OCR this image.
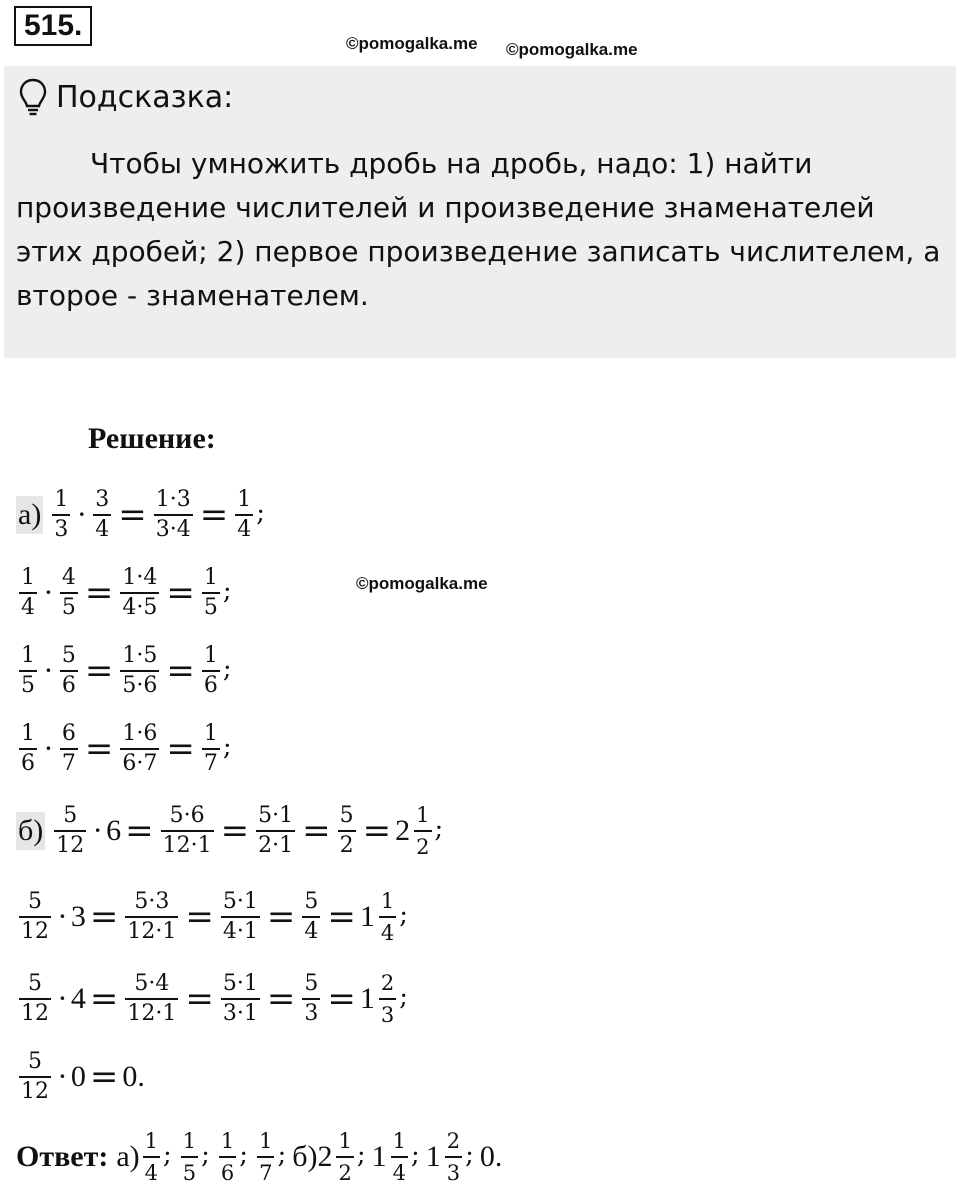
515.
©pomogalka.me ©pomogalka.me
©pomogalka.me
Подсказка:
Чтобы умножить дробь на дробь, надо: 1) найти произведение числителей и произведение знаменателей этих дробей; 2) первое произведение записать числителем, а второе - знаменателем.
Решение:
$а) \frac{1}{3} \cdot \frac{3}{4} = \frac{1\cdot 3}{3\cdot 4} = \frac{1}{4}$ ;
$\frac{1}{4} \cdot \frac{4}{5} = \frac{1\cdot 4}{4\cdot 5} = \frac{1}{5}$ ;
$\frac{1}{5} \cdot \frac{5}{6} = \frac{1\cdot 5}{5\cdot 6} = \frac{1}{6}$ ;
$\frac{1}{6} \cdot \frac{6}{7} = \frac{1\cdot 6}{6\cdot 7} = \frac{1}{7}$ ;
$б) \frac{5}{12} \cdot 6 = \frac{5\cdot 6}{12\cdot 1} = \frac{5\cdot 1}{2\cdot 1} = \frac{5}{2} = 2 \frac{1}{2}$ ;
$\frac{5}{12} \cdot 3 = \frac{5\cdot 3}{12\cdot 1} = \frac{5\cdot 1}{4\cdot 1} = \frac{5}{4} = 1 \frac{1}{4}$ ;
$\frac{5}{12} \cdot 4 = \frac{5\cdot 4}{12\cdot 1} = \frac{5\cdot 1}{3\cdot 1} = \frac{5}{3} = 1 \frac{2}{3}$ ;
$\frac{5}{12} \cdot 0 = 0$ .
Ответ: $а) \frac{1}{4}$ ; $\frac{1}{5}$ ; $\frac{1}{6}$ ; $\frac{1}{7}$ ; б) $2 \frac{1}{2}$ ; $1 \frac{1}{4}$ ; $1 \frac{2}{3}$ ; 0 .
